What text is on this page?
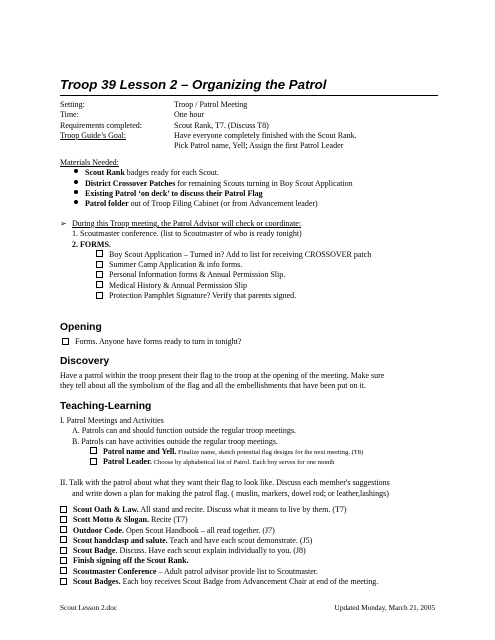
Troop 39 Lesson 2 – Organizing the Patrol
Setting:	Troop / Patrol Meeting
Time:	One hour
Requirements completed:	Scout Rank, T7. (Discuss T8)
Troop Guide’s Goal:	Have everyone completely finished with the Scout Rank.
Pick Patrol name, Yell; Assign the first Patrol Leader
Materials Needed:
Scout Rank badges ready for each Scout.
District Crossover Patches for remaining Scouts turning in Boy Scout Application
Existing Patrol ‘on deck’ to discuss their Patrol Flag
Patrol folder out of Troop Filing Cabinet (or from Advancement leader)
➢ During this Troop meeting, the Patrol Advisor will check or coordinate:
1. Scoutmaster conference. (list to Scoutmaster of who is ready tonight)
2. FORMS.
Boy Scout Application – Turned in? Add to list for receiving CROSSOVER patch
Summer Camp Application & info forms.
Personal Information forms & Annual Permission Slip.
Medical History & Annual Permission Slip
Protection Pamphlet Signature? Verify that parents signed.
Opening
Forms. Anyone have forms ready to turn in tonight?
Discovery
Have a patrol within the troop present their flag to the troop at the opening of the meeting. Make sure
they tell about all the symbolism of the flag and all the embellishments that have been put on it.
Teaching-Learning
I. Patrol Meetings and Activities
A. Patrols can and should function outside the regular troop meetings.
B. Patrols can have activities outside the regular troop meetings.
Patrol name and Yell. Finalize name, sketch potential flag designs for the next meeting. (T8)
Patrol Leader. Choose by alphabetical list of Patrol. Each boy serves for one month
II. Talk with the patrol about what they want their flag to look like. Discuss each member's suggestions
and write down a plan for making the patrol flag. ( muslin, markers, dowel rod; or leather,lashings)
Scout Oath & Law. All stand and recite. Discuss what it means to live by them. (T7)
Scott Motto & Slogan. Recite (T7)
Outdoor Code. Open Scout Handbook – all read together. (J7)
Scout handclasp and salute. Teach and have each scout demonstrate. (J5)
Scout Badge. Discuss. Have each scout explain individually to you. (J8)
Finish signing off the Scout Rank.
Scoutmaster Conference – Adult patrol advisor provide list to Scoutmaster.
Scout Badges. Each boy receives Scout Badge from Advancement Chair at end of the meeting.
Scout Lesson 2.doc	Updated Monday, March 21, 2005
